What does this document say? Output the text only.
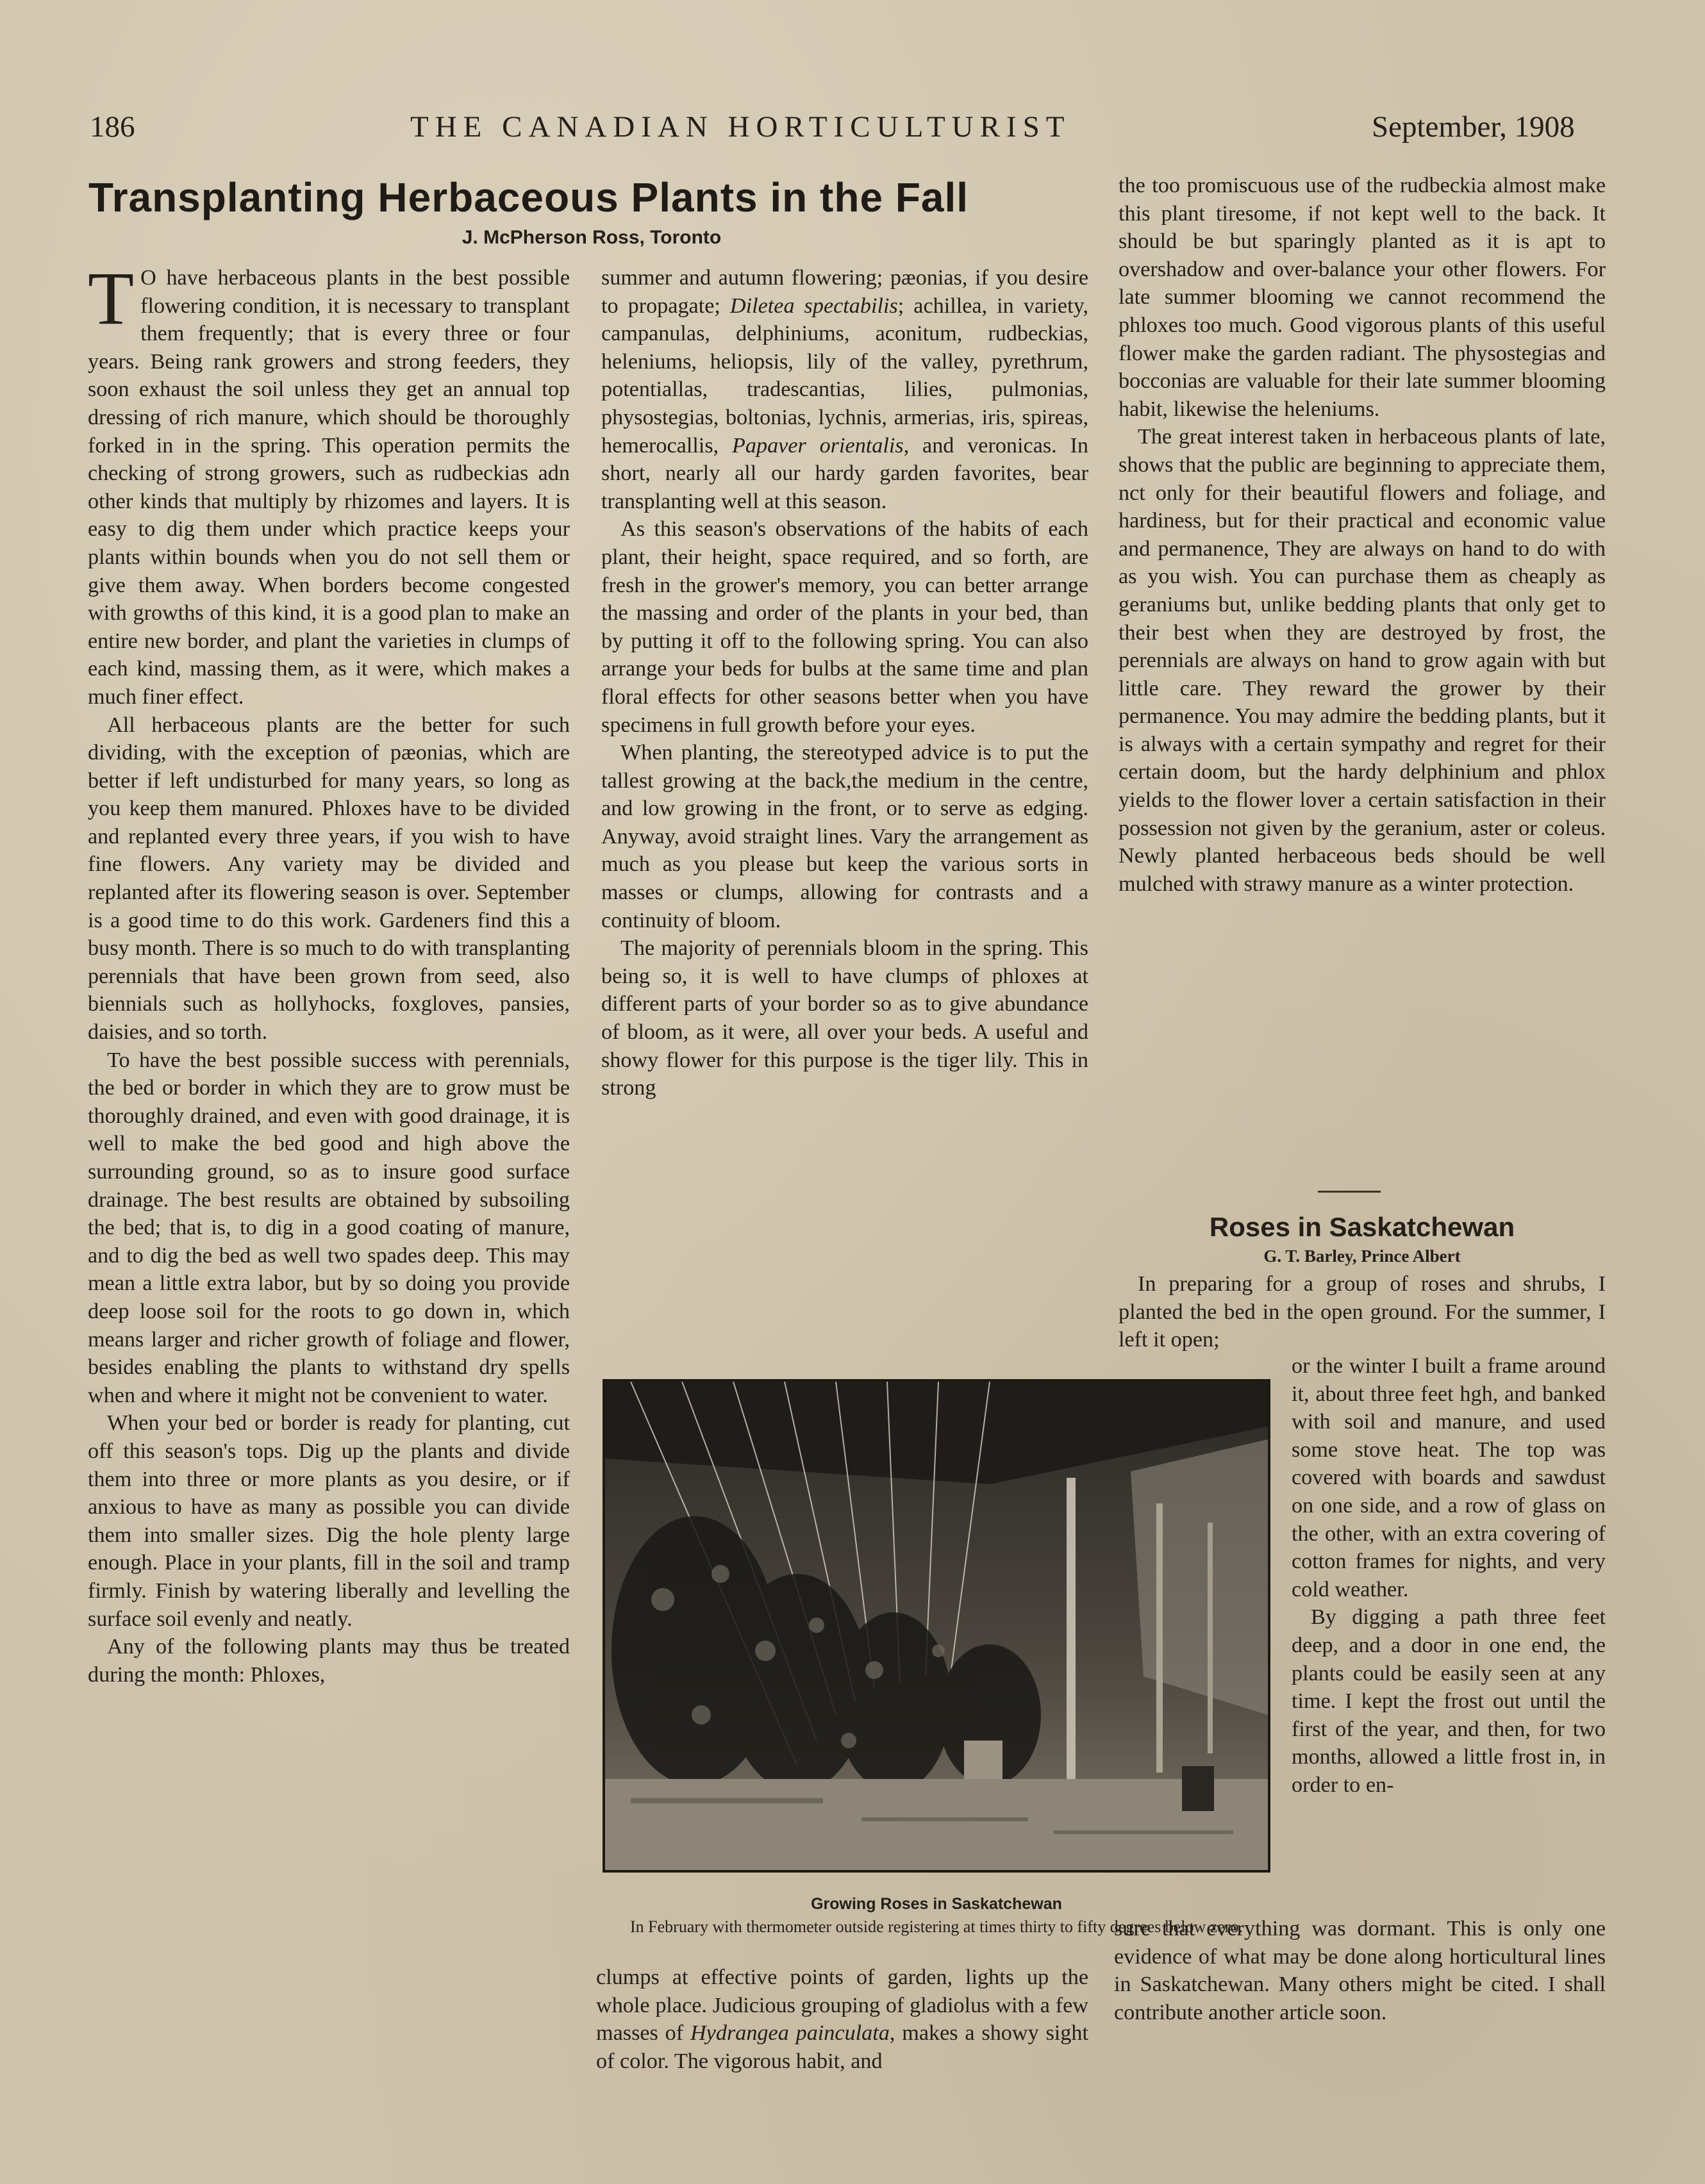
186	THE CANADIAN HORTICULTURIST	September, 1908
Transplanting Herbaceous Plants in the Fall
J. McPherson Ross, Toronto

T O have herbaceous plants in the best possible flowering condition, it is necessary to transplant them frequently; that is every three or four years. Being rank growers and strong feeders, they soon exhaust the soil unless they get an annual top dressing of rich manure, which should be thoroughly forked in in the spring. This operation permits the checking of strong growers, such as rudbeckias adn other kinds that multiply by rhizomes and layers. It is easy to dig them under which practice keeps your plants within bounds when you do not sell them or give them away. When borders become congested with growths of this kind, it is a good plan to make an entire new border, and plant the varieties in clumps of each kind, massing them, as it were, which makes a much finer effect.

All herbaceous plants are the better for such dividing, with the exception of pæonias, which are better if left undisturbed for many years, so long as you keep them manured. Phloxes have to be divided and replanted every three years, if you wish to have fine flowers. Any variety may be divided and replanted after its flowering season is over. September is a good time to do this work. Gardeners find this a busy month. There is so much to do with transplanting perennials that have been grown from seed, also biennials such as hollyhocks, foxgloves, pansies, daisies, and so torth.

To have the best possible success with perennials, the bed or border in which they are to grow must be thoroughly drained, and even with good drainage, it is well to make the bed good and high above the surrounding ground, so as to insure good surface drainage. The best results are obtained by subsoiling the bed; that is, to dig in a good coating of manure, and to dig the bed as well two spades deep. This may mean a little extra labor, but by so doing you provide deep loose soil for the roots to go down in, which means larger and richer growth of foliage and flower, besides enabling the plants to withstand dry spells when and where it might not be convenient to water.

When your bed or border is ready for planting, cut off this season's tops. Dig up the plants and divide them into three or more plants as you desire, or if anxious to have as many as possible you can divide them into smaller sizes. Dig the hole plenty large enough. Place in your plants, fill in the soil and tramp firmly. Finish by watering liberally and levelling the surface soil evenly and neatly.

Any of the following plants may thus be treated during the month: Phloxes,

summer and autumn flowering; pæonias, if you desire to propagate; Diletea spectabilis; achillea, in variety, campanulas, delphiniums, aconitum, rudbeckias, heleniums, heliopsis, lily of the valley, pyrethrum, potentiallas, tradescantias, lilies, pulmonias, physostegias, boltonias, lychnis, armerias, iris, spireas, hemerocallis, Papaver orientalis, and veronicas. In short, nearly all our hardy garden favorites, bear transplanting well at this season.

As this season's observations of the habits of each plant, their height, space required, and so forth, are fresh in the grower's memory, you can better arrange the massing and order of the plants in your bed, than by putting it off to the following spring. You can also arrange your beds for bulbs at the same time and plan floral effects for other seasons better when you have specimens in full growth before your eyes.

When planting, the stereotyped advice is to put the tallest growing at the back,the medium in the centre, and low growing in the front, or to serve as edging. Anyway, avoid straight lines. Vary the arrangement as much as you please but keep the various sorts in masses or clumps, allowing for contrasts and a continuity of bloom.

The majority of perennials bloom in the spring. This being so, it is well to have clumps of phloxes at different parts of your border so as to give abundance of bloom, as it were, all over your beds. A useful and showy flower for this purpose is the tiger lily. This in strong

Growing Roses in Saskatchewan
In February with thermometer outside registering at times thirty to fifty degrees below zero.

clumps at effective points of garden, lights up the whole place. Judicious grouping of gladiolus with a few masses of Hydrangea painculata, makes a showy sight of color. The vigorous habit, and

the too promiscuous use of the rudbeckia almost make this plant tiresome, if not kept well to the back. It should be but sparingly planted as it is apt to overshadow and over-balance your other flowers. For late summer blooming we cannot recommend the phloxes too much. Good vigorous plants of this useful flower make the garden radiant. The physostegias and bocconias are valuable for their late summer blooming habit, likewise the heleniums.

The great interest taken in herbaceous plants of late, shows that the public are beginning to appreciate them, nct only for their beautiful flowers and foliage, and hardiness, but for their practical and economic value and permanence, They are always on hand to do with as you wish. You can purchase them as cheaply as geraniums but, unlike bedding plants that only get to their best when they are destroyed by frost, the perennials are always on hand to grow again with but little care. They reward the grower by their permanence. You may admire the bedding plants, but it is always with a certain sympathy and regret for their certain doom, but the hardy delphinium and phlox yields to the flower lover a certain satisfaction in their possession not given by the geranium, aster or coleus. Newly planted herbaceous beds should be well mulched with strawy manure as a winter protection.

Roses in Saskatchewan
G. T. Barley, Prince Albert

In preparing for a group of roses and shrubs, I planted the bed in the open ground. For the summer, I left it open;

or the winter I built a frame around it, about three feet hgh, and banked with soil and manure, and used some stove heat. The top was covered with boards and sawdust on one side, and a row of glass on the other, with an extra covering of cotton frames for nights, and very cold weather.

By digging a path three feet deep, and a door in one end, the plants could be easily seen at any time. I kept the frost out until the first of the year, and then, for two months, allowed a little frost in, in order to en-

sure that everything was dormant. This is only one evidence of what may be done along horticultural lines in Saskatchewan. Many others might be cited. I shall contribute another article soon.
